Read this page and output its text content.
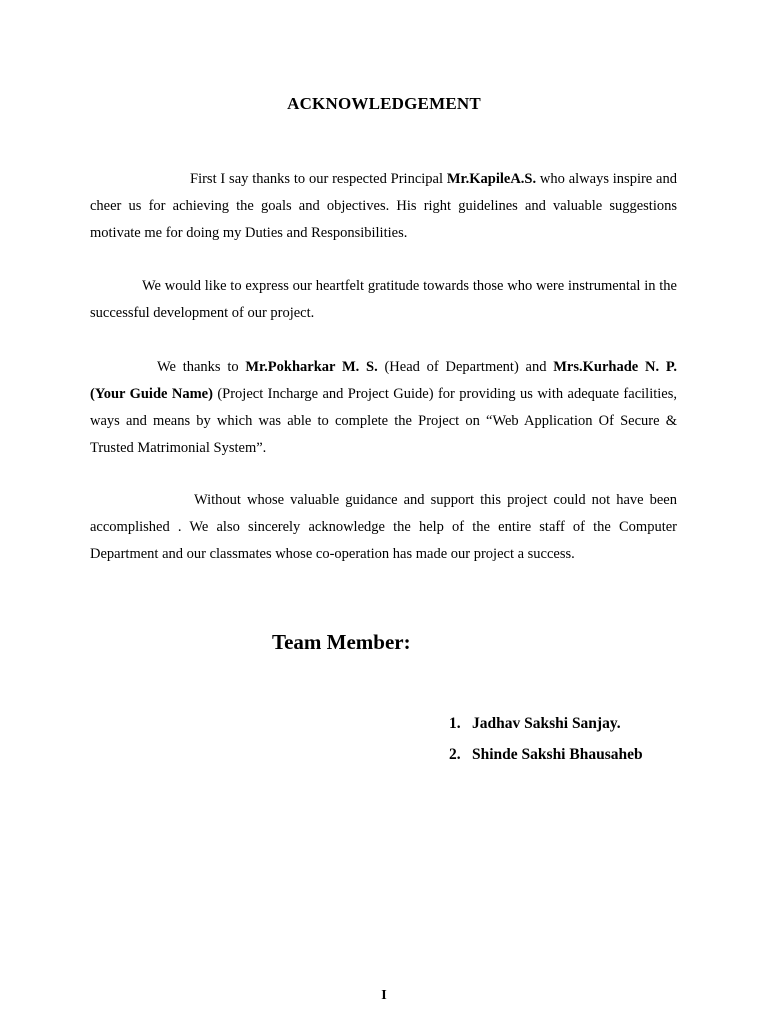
ACKNOWLEDGEMENT

First I say thanks to our respected Principal Mr.KapileA.S. who always inspire and cheer us for achieving the goals and objectives. His right guidelines and valuable suggestions motivate me for doing my Duties and Responsibilities.

We would like to express our heartfelt gratitude towards those who were instrumental in the successful development of our project.

We thanks to Mr.Pokharkar M. S. (Head of Department) and Mrs.Kurhade N. P. (Your Guide Name) (Project Incharge and Project Guide) for providing us with adequate facilities, ways and means by which was able to complete the Project on “Web Application Of Secure & Trusted Matrimonial System”.

Without whose valuable guidance and support this project could not have been accomplished . We also sincerely acknowledge the help of the entire staff of the Computer Department and our classmates whose co-operation has made our project a success.

Team Member:
1. Jadhav Sakshi Sanjay.
2. Shinde Sakshi Bhausaheb
I
